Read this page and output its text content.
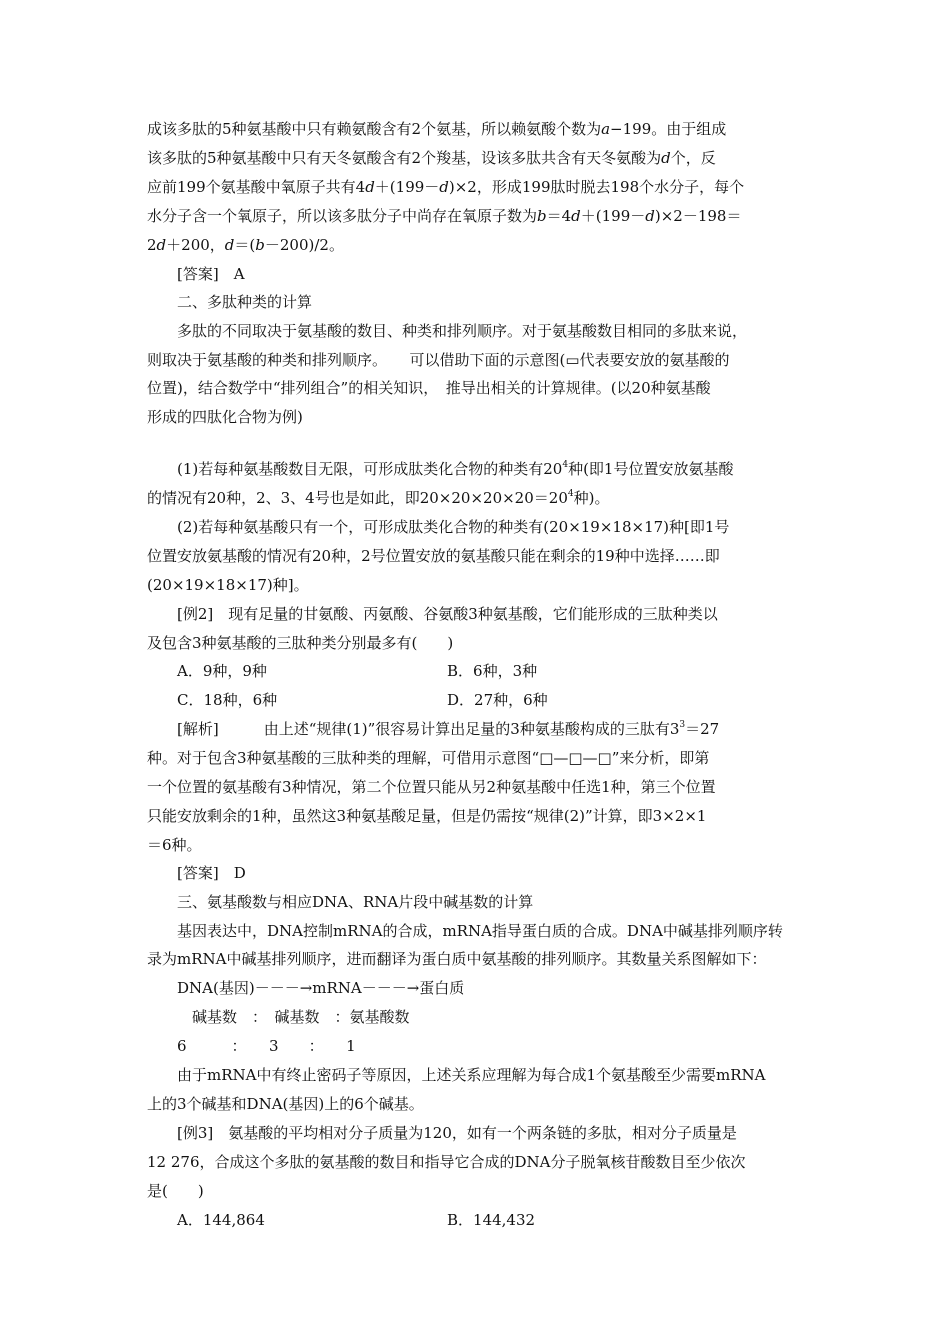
成该多肽的5种氨基酸中只有赖氨酸含有2个氨基，所以赖氨酸个数为a−199。由于组成
该多肽的5种氨基酸中只有天冬氨酸含有2个羧基，设该多肽共含有天冬氨酸为d个，反
应前199个氨基酸中氧原子共有4d＋(199－d)×2，形成199肽时脱去198个水分子，每个
水分子含一个氧原子，所以该多肽分子中尚存在氧原子数为b＝4d＋(199－d)×2－198＝
2d＋200，d＝(b－200)/2。
[答案]　A
二、多肽种类的计算
多肽的不同取决于氨基酸的数目、种类和排列顺序。对于氨基酸数目相同的多肽来说，
则取决于氨基酸的种类和排列顺序。　　可以借助下面的示意图(▭代表要安放的氨基酸的
位置)，结合数学中“排列组合”的相关知识，　推导出相关的计算规律。(以20种氨基酸
形成的四肽化合物为例)
(1)若每种氨基酸数目无限，可形成肽类化合物的种类有$20^4$种(即1号位置安放氨基酸
的情况有20种，2、3、4号也是如此，即$20\times 20\times 20\times 20=20^4$种)。
(2)若每种氨基酸只有一个，可形成肽类化合物的种类有(20×19×18×17)种[即1号
位置安放氨基酸的情况有20种，2号位置安放的氨基酸只能在剩余的19种中选择……即
(20×19×18×17)种]。
[例2]　现有足量的甘氨酸、丙氨酸、谷氨酸3种氨基酸，它们能形成的三肽种类以
及包含3种氨基酸的三肽种类分别最多有(　　)
A．9种，9种	B．6种，3种
C．18种，6种	D．27种，6种
[解析]　　　由上述“规律(1)”很容易计算出足量的3种氨基酸构成的三肽有$3^3=27$
种。对于包含3种氨基酸的三肽种类的理解，可借用示意图“□—□—□”来分析，即第
一个位置的氨基酸有3种情况，第二个位置只能从另2种氨基酸中任选1种，第三个位置
只能安放剩余的1种，虽然这3种氨基酸足量，但是仍需按“规律(2)”计算，即3×2×1
＝6种。
[答案]　D
三、氨基酸数与相应DNA、RNA片段中碱基数的计算
基因表达中，DNA控制mRNA的合成，mRNA指导蛋白质的合成。DNA中碱基排列顺序转
录为mRNA中碱基排列顺序，进而翻译为蛋白质中氨基酸的排列顺序。其数量关系图解如下：
DNA(基因)－－－→mRNA－－－→蛋白质
　碱基数　：　碱基数　：氨基酸数
6　　　：　　3　　：　　1
由于mRNA中有终止密码子等原因，上述关系应理解为每合成1个氨基酸至少需要mRNA
上的3个碱基和DNA(基因)上的6个碱基。
[例3]　氨基酸的平均相对分子质量为120，如有一个两条链的多肽，相对分子质量是
12 276，合成这个多肽的氨基酸的数目和指导它合成的DNA分子脱氧核苷酸数目至少依次
是(　　)
A．144,864	B．144,432
